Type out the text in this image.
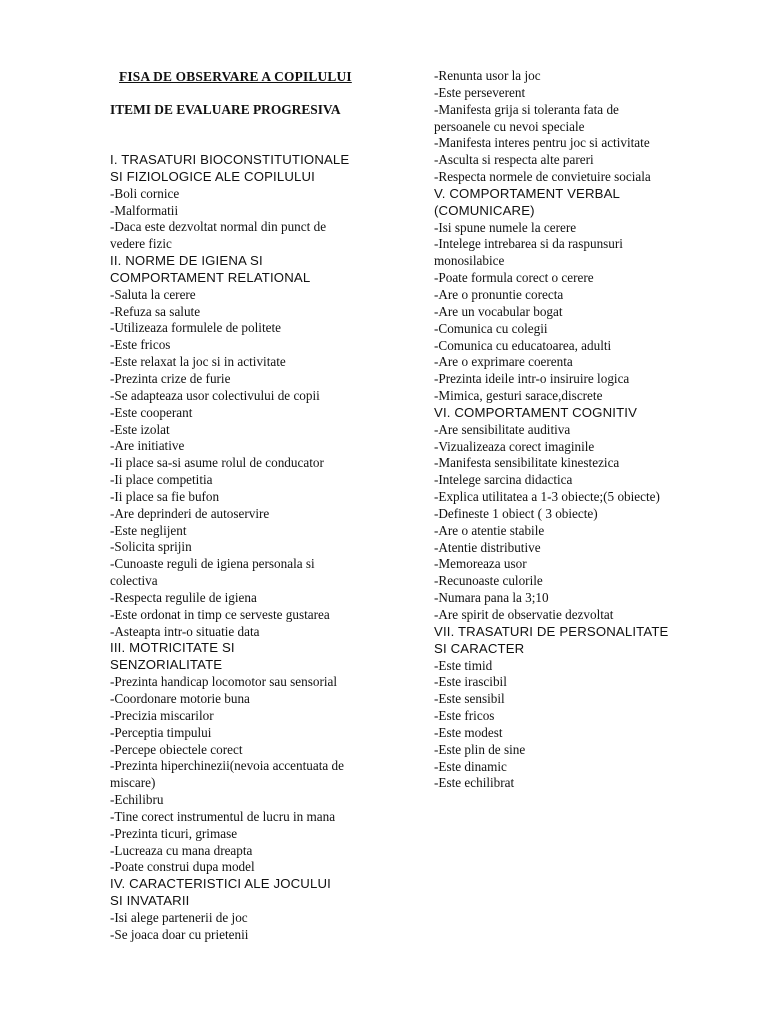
FISA DE OBSERVARE A COPILULUI
ITEMI DE EVALUARE PROGRESIVA
I. TRASATURI BIOCONSTITUTIONALE
SI FIZIOLOGICE ALE COPILULUI
-Boli cornice
-Malformatii
-Daca este dezvoltat normal din punct de
vedere fizic
II. NORME DE IGIENA SI
COMPORTAMENT RELATIONAL
-Saluta la cerere
-Refuza sa salute
-Utilizeaza formulele de politete
-Este fricos
-Este relaxat la joc si in activitate
-Prezinta crize de furie
-Se adapteaza usor colectivului de copii
-Este cooperant
-Este izolat
-Are initiative
-Ii place sa-si asume rolul de conducator
-Ii place competitia
-Ii place sa fie bufon
-Are deprinderi de autoservire
-Este neglijent
-Solicita sprijin
-Cunoaste reguli de igiena personala si
colectiva
-Respecta regulile de igiena
-Este ordonat in timp ce serveste gustarea
-Asteapta intr-o situatie data
III. MOTRICITATE SI
SENZORIALITATE
-Prezinta handicap locomotor sau sensorial
-Coordonare motorie buna
-Precizia miscarilor
-Perceptia timpului
-Percepe obiectele corect
-Prezinta hiperchinezii(nevoia accentuata de
miscare)
-Echilibru
-Tine corect instrumentul de lucru in mana
-Prezinta ticuri, grimase
-Lucreaza cu mana dreapta
-Poate construi dupa model
IV. CARACTERISTICI ALE JOCULUI
SI INVATARII
-Isi alege partenerii de joc
-Se joaca doar cu prietenii
-Renunta usor la joc
-Este perseverent
-Manifesta grija si toleranta fata de
persoanele cu nevoi speciale
-Manifesta interes pentru joc si activitate
-Asculta si respecta alte pareri
-Respecta normele de convietuire sociala
V. COMPORTAMENT VERBAL
(COMUNICARE)
-Isi spune numele la cerere
-Intelege intrebarea si da raspunsuri
monosilabice
-Poate formula corect o cerere
-Are o pronuntie corecta
-Are un vocabular bogat
-Comunica cu colegii
-Comunica cu educatoarea, adulti
-Are o exprimare coerenta
-Prezinta ideile intr-o insiruire logica
-Mimica, gesturi sarace,discrete
VI. COMPORTAMENT COGNITIV
-Are sensibilitate auditiva
-Vizualizeaza corect imaginile
-Manifesta sensibilitate kinestezica
-Intelege sarcina didactica
-Explica utilitatea a 1-3 obiecte;(5 obiecte)
-Defineste 1 obiect ( 3 obiecte)
-Are o atentie stabile
-Atentie distributive
-Memoreaza usor
-Recunoaste culorile
-Numara pana la 3;10
-Are spirit de observatie dezvoltat
VII. TRASATURI DE PERSONALITATE
SI CARACTER
-Este timid
-Este irascibil
-Este sensibil
-Este fricos
-Este modest
-Este plin de sine
-Este dinamic
-Este echilibrat
